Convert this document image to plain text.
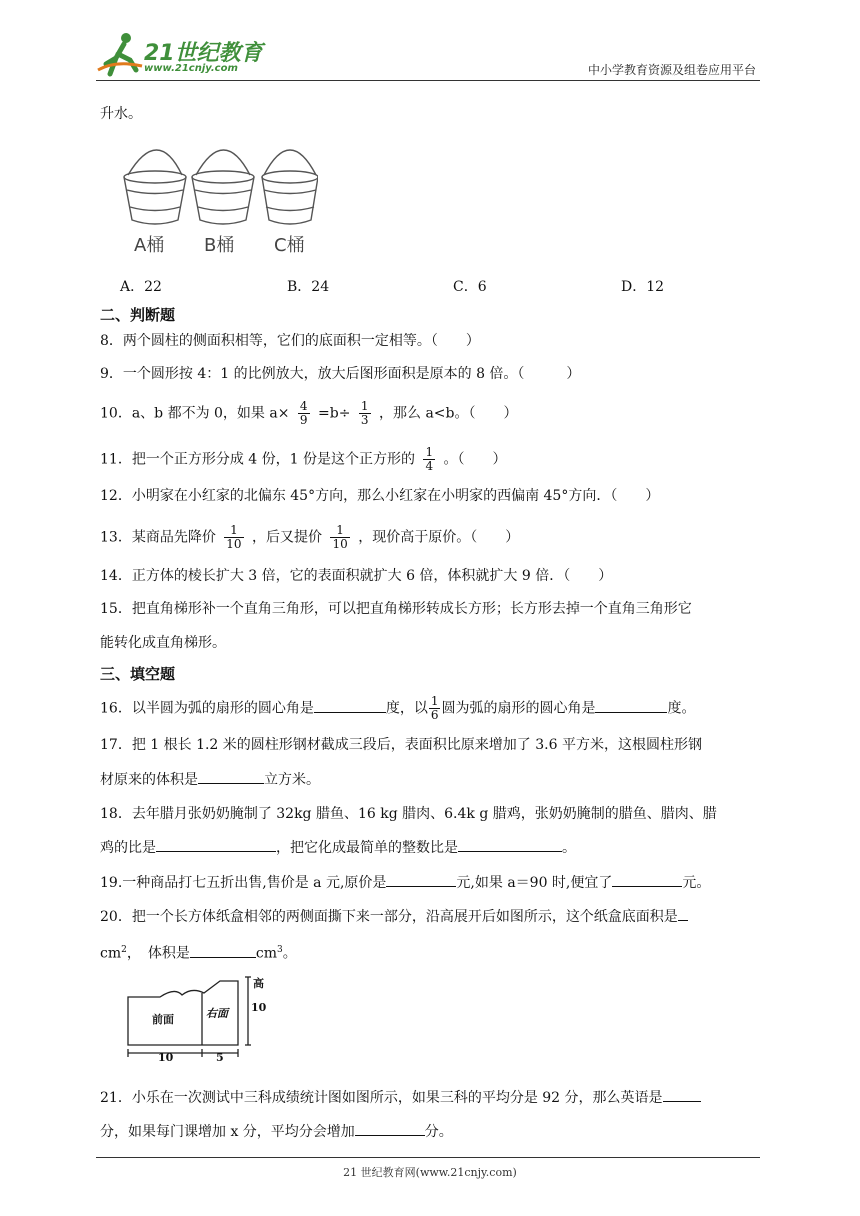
21世纪教育
www.21cnjy.com	中小学教育资源及组卷应用平台
升水。
A桶 B桶 C桶
A．22	B．24	C．6	D．12
二、判断题
8．两个圆柱的侧面积相等，它们的底面积一定相等。（　　）
9．一个圆形按 4：1 的比例放大，放大后图形面积是原本的 8 倍。（　　　）
10．a、b 都不为 0，如果 $a\times \frac{4}{9} =b\div \frac{1}{3}$ ，那么 a<b。（　　）
11．把一个正方形分成 4 份，1 份是这个正方形的 $\frac{1}{4}$ 。（　　）
12．小明家在小红家的北偏东 45°方向，那么小红家在小明家的西偏南 45°方向．（　　）
13．某商品先降价 $\frac{1}{10}$ ，后又提价 $\frac{1}{10}$ ，现价高于原价。（　　）
14．正方体的棱长扩大 3 倍，它的表面积就扩大 6 倍，体积就扩大 9 倍．（　　）
15．把直角梯形补一个直角三角形，可以把直角梯形转成长方形；长方形去掉一个直角三角形它
能转化成直角梯形。
三、填空题
16．以半圆为弧的扇形的圆心角是	度，以 $\frac{1}{6}$ 圆为弧的扇形的圆心角是	度。
17．把 1 根长 1.2 米的圆柱形钢材截成三段后，表面积比原来增加了 3.6 平方米，这根圆柱形钢
材原来的体积是	立方米。
18．去年腊月张奶奶腌制了 32kg 腊鱼、16 kg 腊肉、6.4k g 腊鸡，张奶奶腌制的腊鱼、腊肉、腊
鸡的比是	，把它化成最简单的整数比是	。
19.一种商品打七五折出售,售价是 a 元,原价是	元,如果 a＝90 时,便宜了	元。
20．把一个长方体纸盒相邻的两侧面撕下来一部分，沿高展开后如图所示，这个纸盒底面积是
$cm^2$，　体积是	$cm^3$。
前面	右面
高
10
10	5
21．小乐在一次测试中三科成绩统计图如图所示，如果三科的平均分是 92 分，那么英语是
分，如果每门课增加 x 分，平均分会增加	分。
21 世纪教育网(www.21cnjy.com)
